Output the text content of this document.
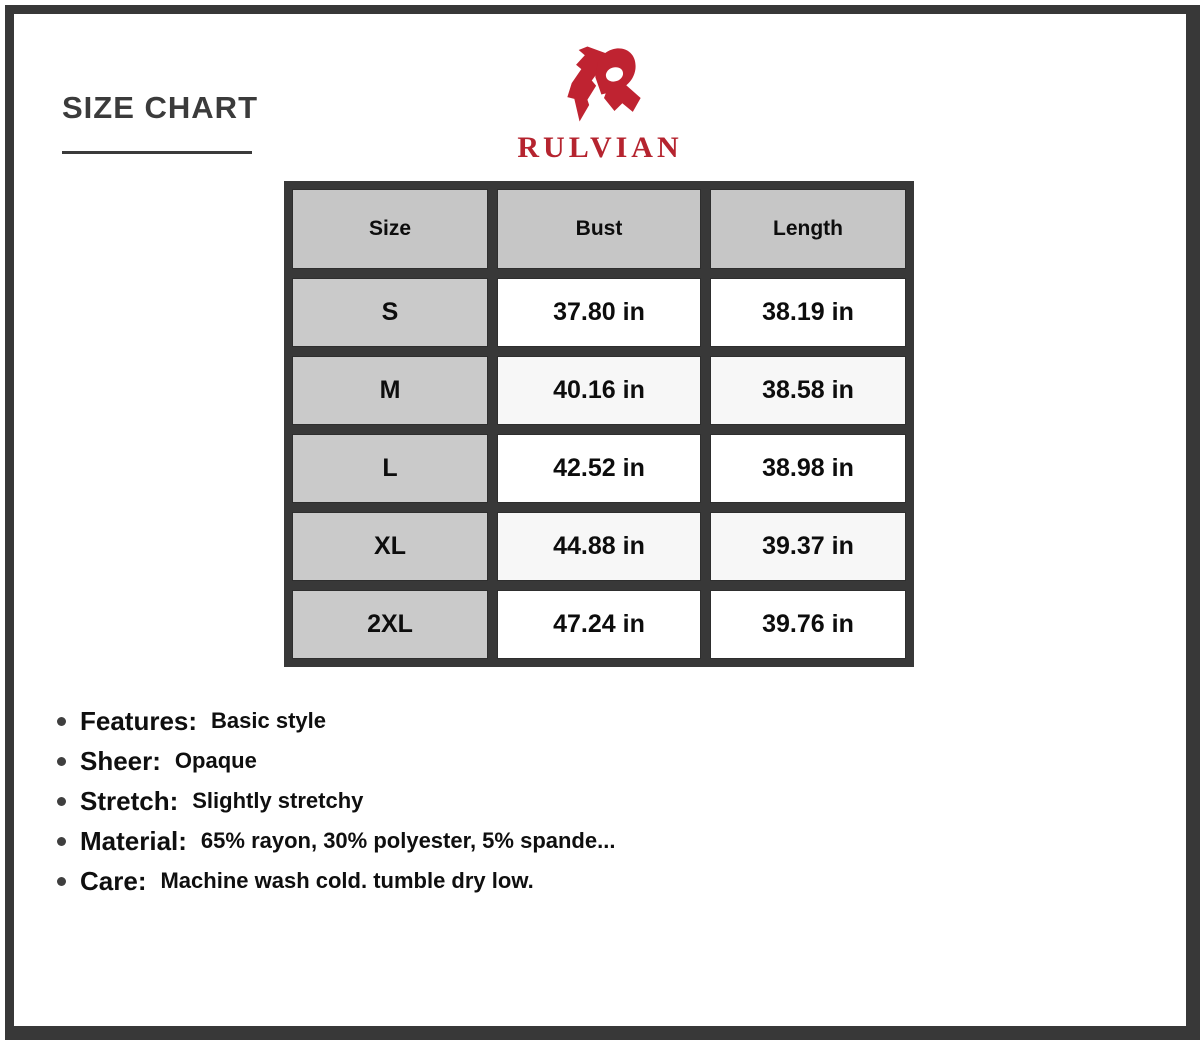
SIZE CHART
RULVIAN
Size	Bust	Length
S	37.80 in	38.19 in
M	40.16 in	38.58 in
L	42.52 in	38.98 in
XL	44.88 in	39.37 in
2XL	47.24 in	39.76 in
Features: Basic style
Sheer: Opaque
Stretch: Slightly stretchy
Material: 65% rayon, 30% polyester, 5% spande...
Care: Machine wash cold. tumble dry low.
